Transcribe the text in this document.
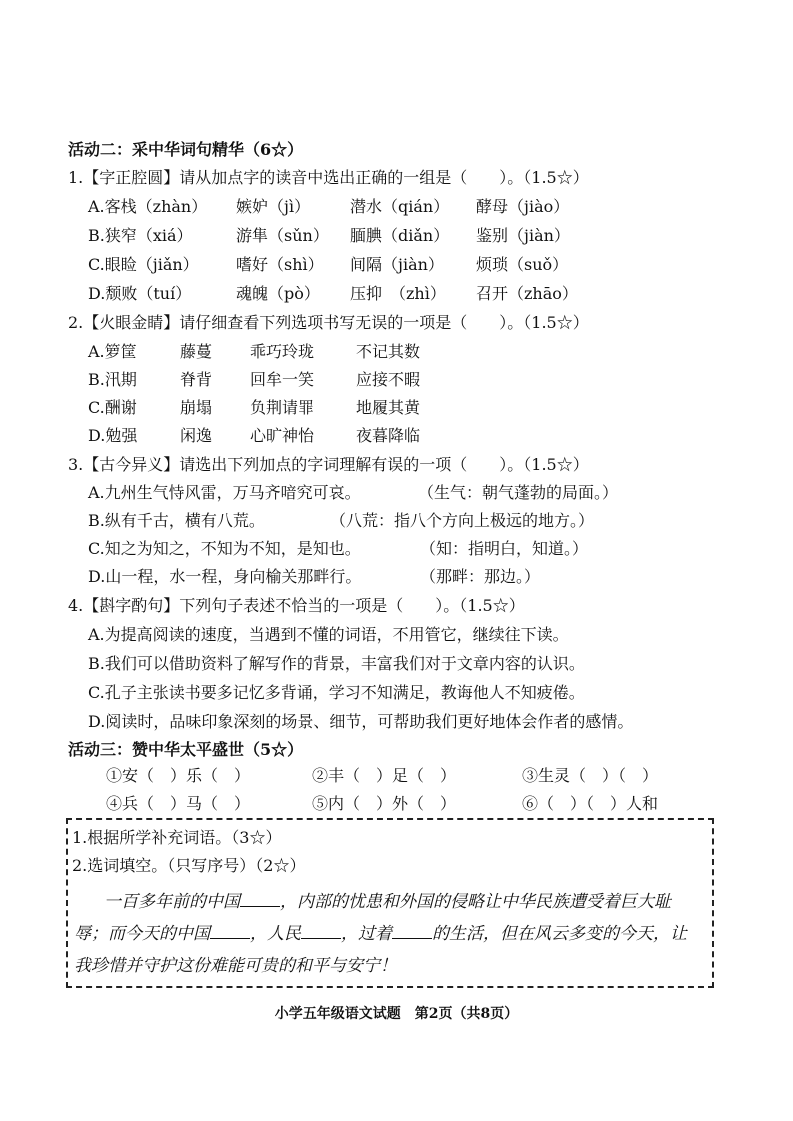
活动二：采中华词句精华（6☆）
1.【字正腔圆】请从加点字的读音中选出正确的一组是（　　）。（1.5☆）
A.客栈（zhàn） 嫉妒（jì） 潜水（qián） 酵母（jiào）
B.狭窄（xiá）	游隼（sǔn） 腼腆（diǎn） 鉴别（jiàn）
C.眼睑（jiǎn） 嗜好（shì） 间隔（jiàn） 烦琐（suǒ）
D.颓败（tuí）	魂魄（pò） 压抑　（zhì） 召开（zhāo）
2.【火眼金睛】请仔细查看下列选项书写无误的一项是（　　）。（1.5☆）
A.箩筐	藤蔓 乖巧玲珑	不记其数
B.汛期	脊背 回牟一笑	应接不暇
C.酬谢	崩塌 负荆请罪	地履其黄
D.勉强	闲逸 心旷神怡	夜暮降临
3.【古今异义】请选出下列加点的字词理解有误的一项（　　）。（1.5☆）
A.九州生气恃风雷，万马齐喑究可哀。	（生气：朝气蓬勃的局面。）
B.纵有千古，横有八荒。	（八荒：指八个方向上极远的地方。）
C.知之为知之，不知为不知，是知也。	（知：指明白，知道。）
D.山一程，水一程，身向榆关那畔行。	（那畔：那边。）
4.【斟字酌句】下列句子表述不恰当的一项是（　　）。（1.5☆）
A.为提高阅读的速度，当遇到不懂的词语，不用管它，继续往下读。
B.我们可以借助资料了解写作的背景，丰富我们对于文章内容的认识。
C.孔子主张读书要多记忆多背诵，学习不知满足，教诲他人不知疲倦。
D.阅读时，品味印象深刻的场景、细节，可帮助我们更好地体会作者的感情。
活动三：赞中华太平盛世（5☆）
①安（　）乐（　）	②丰（　）足（　）	③生灵（　）（　）
④兵（　）马（　）	⑤内（　）外（　）	⑥（　）（　）人和
1.根据所学补充词语。（3☆）
2.选词填空。（只写序号）（2☆）
一百多年前的中国 ，内部的忧患和外国的侵略让中华民族遭受着巨大耻
辱；而今天的中国 ，人民 ，过着 的生活，但在风云多变的今天，让
我珍惜并守护这份难能可贵的和平与安宁！
小学五年级语文试题　第2页（共8页）
